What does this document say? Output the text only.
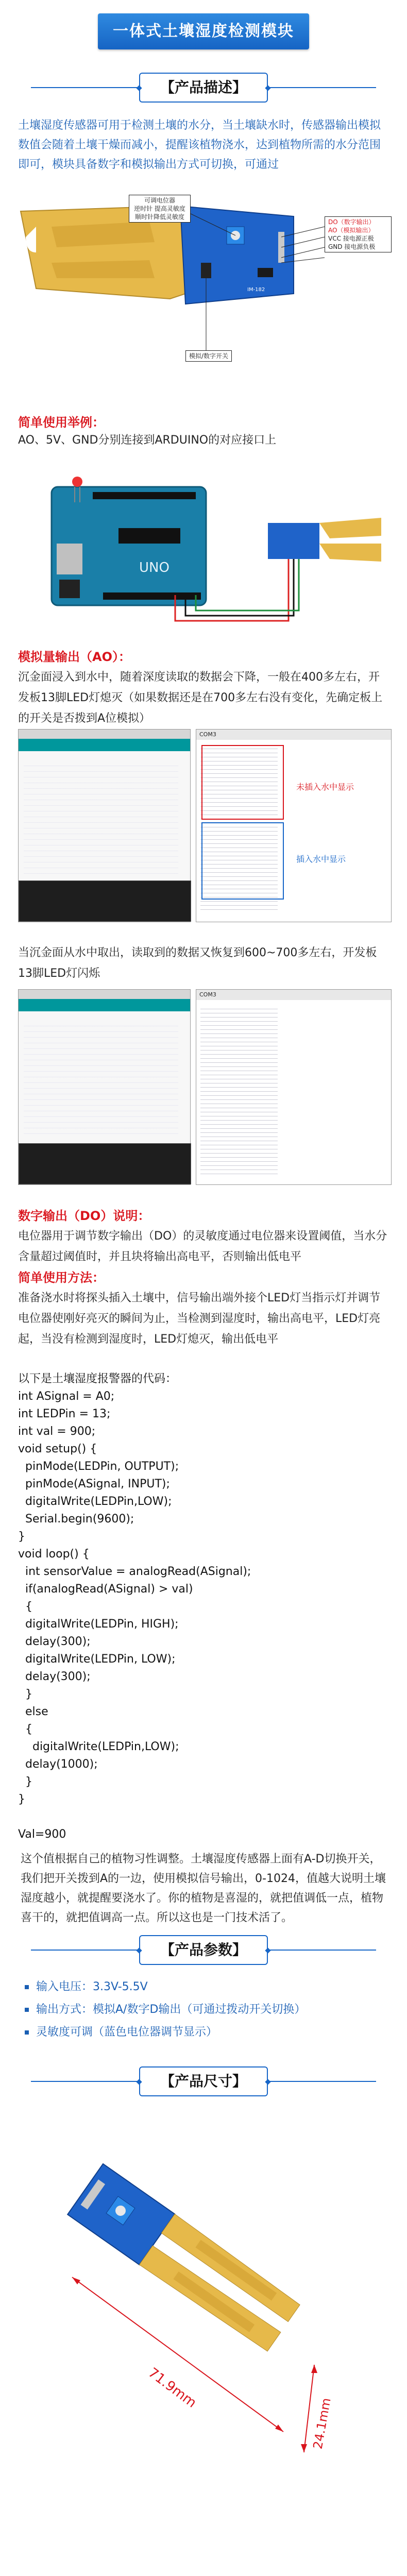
一体式土壤湿度检测模块
【产品描述】
土壤湿度传感器可用于检测土壤的水分，当土壤缺水时，传感器输出模拟数值会随着土壤干燥而减小，提醒该植物浇水，达到植物所需的水分范围即可，模块具备数字和模拟输出方式可切换，可通过
IM-182
可调电位器
逆时针 提高灵敏度
顺时针降低灵敏度
DO（数字输出）
AO（模拟输出）
VCC 接电源正极
GND 接电源负极
模拟/数字开关
简单使用举例：
AO、5V、GND分别连接到ARDUINO的对应接口上
UNO
模拟量输出（AO）：
沉金面浸入到水中，随着深度读取的数据会下降，一般在400多左右，开发板13脚LED灯熄灭（如果数据还是在700多左右没有变化，先确定板上的开关是否拨到A位模拟）
COM3
未插入水中显示
插入水中显示
当沉金面从水中取出，读取到的数据又恢复到600~700多左右，开发板13脚LED灯闪烁
COM3
数字输出（DO）说明：
电位器用于调节数字输出（DO）的灵敏度通过电位器来设置阈值，当水分含量超过阈值时，并且块将输出高电平，否则输出低电平
简单使用方法：
准备浇水时将探头插入土壤中，信号输出端外接个LED灯当指示灯并调节电位器使刚好亮灭的瞬间为止，当检测到湿度时，输出高电平，LED灯亮起，当没有检测到湿度时，LED灯熄灭，输出低电平
以下是土壤湿度报警器的代码：
int ASignal = A0;
int LEDPin = 13;
int val = 900;
void setup() {
pinMode(LEDPin, OUTPUT);
pinMode(ASignal, INPUT);
digitalWrite(LEDPin,LOW);
Serial.begin(9600);
}
void loop() {
int sensorValue = analogRead(ASignal);
if(analogRead(ASignal) > val)
{
digitalWrite(LEDPin, HIGH);
delay(300);
digitalWrite(LEDPin, LOW);
delay(300);
}
else
{
digitalWrite(LEDPin,LOW);
delay(1000);
}
}
Val=900
这个值根据自己的植物习性调整。土壤湿度传感器上面有A-D切换开关，我们把开关拨到A的一边，使用模拟信号输出，0-1024，值越大说明土壤湿度越小，就提醒要浇水了。你的植物是喜湿的，就把值调低一点，植物喜干的，就把值调高一点。所以这也是一门技术活了。
【产品参数】
输入电压：3.3V-5.5V
输出方式：模拟A/数字D输出（可通过拨动开关切换）
灵敏度可调（蓝色电位器调节显示）
【产品尺寸】
71.9mm
24.1mm
